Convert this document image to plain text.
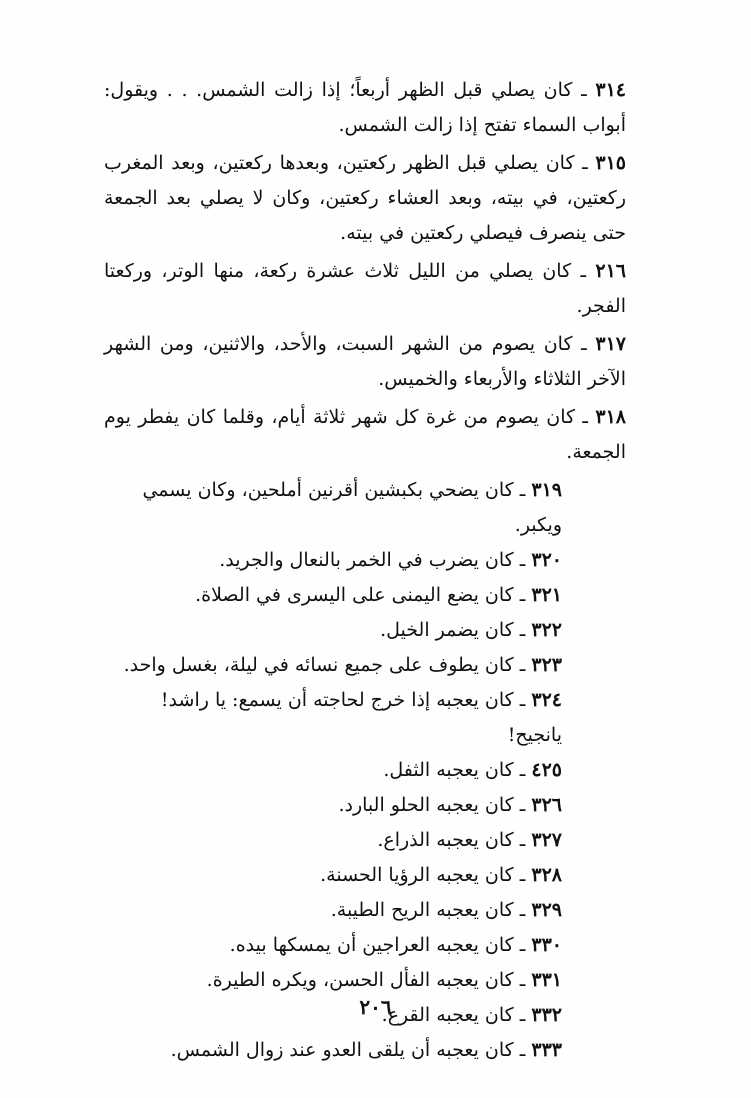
٣١٤ ـ كان يصلي قبل الظهر أربعاً؛ إذا زالت الشمس. . . ويقول: أبواب السماء تفتح إذا زالت الشمس.

٣١٥ ـ كان يصلي قبل الظهر ركعتين، وبعدها ركعتين، وبعد المغرب ركعتين، في بيته، وبعد العشاء ركعتين، وكان لا يصلي بعد الجمعة حتى ينصرف فيصلي ركعتين في بيته.

٢١٦ ـ كان يصلي من الليل ثلاث عشرة ركعة، منها الوتر، وركعتا الفجر.

٣١٧ ـ كان يصوم من الشهر السبت، والأحد، والاثنين، ومن الشهر الآخر الثلاثاء والأربعاء والخميس.

٣١٨ ـ كان يصوم من غرة كل شهر ثلاثة أيام، وقلما كان يفطر يوم الجمعة.

٣١٩ ـ كان يضحي بكبشين أقرنين أملحين، وكان يسمي ويكبر.

٣٢٠ ـ كان يضرب في الخمر بالنعال والجريد.

٣٢١ ـ كان يضع اليمنى على اليسرى في الصلاة.

٣٢٢ ـ كان يضمر الخيل.

٣٢٣ ـ كان يطوف على جميع نسائه في ليلة، بغسل واحد.

٣٢٤ ـ كان يعجبه إذا خرج لحاجته أن يسمع: يا راشد! يانجيح!

٤٢٥ ـ كان يعجبه الثفل.

٣٢٦ ـ كان يعجبه الحلو البارد.

٣٢٧ ـ كان يعجبه الذراع.

٣٢٨ ـ كان يعجبه الرؤيا الحسنة.

٣٢٩ ـ كان يعجبه الريح الطيبة.

٣٣٠ ـ كان يعجبه العراجين أن يمسكها بيده.

٣٣١ ـ كان يعجبه الفأل الحسن، ويكره الطيرة.

٣٣٢ ـ كان يعجبه القرع.

٣٣٣ ـ كان يعجبه أن يلقى العدو عند زوال الشمس.

٢٠٦
